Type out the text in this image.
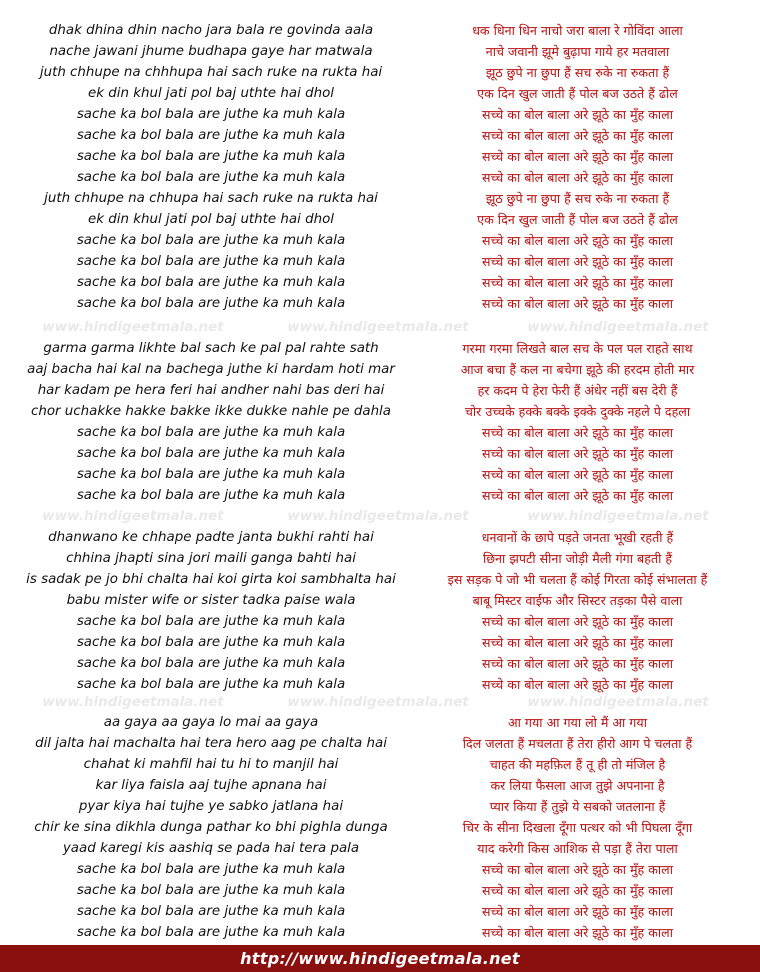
dhak dhina dhin nacho jara bala re govinda aala	धक धिना धिन नाचो जरा बाला रे गोविंदा आला
nache jawani jhume budhapa gaye har matwala	नाचे जवानी झूमे बुढ़ापा गाये हर मतवाला
juth chhupe na chhhupa hai sach ruke na rukta hai	झूठ छुपे ना छुपा हैं सच रुके ना रुकता हैं
ek din khul jati pol baj uthte hai dhol	एक दिन खुल जाती हैं पोल बज उठते हैं ढोल
sache ka bol bala are juthe ka muh kala	सच्चे का बोल बाला अरे झूठे का मुँह काला
sache ka bol bala are juthe ka muh kala	सच्चे का बोल बाला अरे झूठे का मुँह काला
sache ka bol bala are juthe ka muh kala	सच्चे का बोल बाला अरे झूठे का मुँह काला
sache ka bol bala are juthe ka muh kala	सच्चे का बोल बाला अरे झूठे का मुँह काला
juth chhupe na chhupa hai sach ruke na rukta hai	झूठ छुपे ना छुपा हैं सच रुके ना रुकता हैं
ek din khul jati pol baj uthte hai dhol	एक दिन खुल जाती हैं पोल बज उठते हैं ढोल
sache ka bol bala are juthe ka muh kala	सच्चे का बोल बाला अरे झूठे का मुँह काला
sache ka bol bala are juthe ka muh kala	सच्चे का बोल बाला अरे झूठे का मुँह काला
sache ka bol bala are juthe ka muh kala	सच्चे का बोल बाला अरे झूठे का मुँह काला
sache ka bol bala are juthe ka muh kala	सच्चे का बोल बाला अरे झूठे का मुँह काला
garma garma likhte bal sach ke pal pal rahte sath	गरमा गरमा लिखते बाल सच के पल पल राहते साथ
aaj bacha hai kal na bachega juthe ki hardam hoti mar	आज बचा हैं कल ना बचेगा झूठे की हरदम होती मार
har kadam pe hera feri hai andher nahi bas deri hai	हर कदम पे हेरा फेरी हैं अंधेर नहीं बस देरी हैं
chor uchakke hakke bakke ikke dukke nahle pe dahla	चोर उच्चके हक्के बक्के इक्के दुक्के नहले पे दहला
sache ka bol bala are juthe ka muh kala	सच्चे का बोल बाला अरे झूठे का मुँह काला
sache ka bol bala are juthe ka muh kala	सच्चे का बोल बाला अरे झूठे का मुँह काला
sache ka bol bala are juthe ka muh kala	सच्चे का बोल बाला अरे झूठे का मुँह काला
sache ka bol bala are juthe ka muh kala	सच्चे का बोल बाला अरे झूठे का मुँह काला
dhanwano ke chhape padte janta bukhi rahti hai	धनवानों के छापे पड़ते जनता भूखी रहती हैं
chhina jhapti sina jori maili ganga bahti hai	छिना झपटी सीना जोड़ी मैली गंगा बहती हैं
is sadak pe jo bhi chalta hai koi girta koi sambhalta hai	इस सड़क पे जो भी चलता हैं कोई गिरता कोई संभालता हैं
babu mister wife or sister tadka paise wala	बाबू मिस्टर वाईफ और सिस्टर तड़का पैसे वाला
sache ka bol bala are juthe ka muh kala	सच्चे का बोल बाला अरे झूठे का मुँह काला
sache ka bol bala are juthe ka muh kala	सच्चे का बोल बाला अरे झूठे का मुँह काला
sache ka bol bala are juthe ka muh kala	सच्चे का बोल बाला अरे झूठे का मुँह काला
sache ka bol bala are juthe ka muh kala	सच्चे का बोल बाला अरे झूठे का मुँह काला
aa gaya aa gaya lo mai aa gaya	आ गया आ गया लो मैं आ गया
dil jalta hai machalta hai tera hero aag pe chalta hai	दिल जलता हैं मचलता हैं तेरा हीरो आग पे चलता हैं
chahat ki mahfil hai tu hi to manjil hai	चाहत की महफ़िल हैं तू ही तो मंजिल है
kar liya faisla aaj tujhe apnana hai	कर लिया फैसला आज तुझे अपनाना है
pyar kiya hai tujhe ye sabko jatlana hai	प्यार किया हैं तुझे ये सबको जतलाना हैं
chir ke sina dikhla dunga pathar ko bhi pighla dunga	चिर के सीना दिखला दूँगा पत्थर को भी पिघला दूँगा
yaad karegi kis aashiq se pada hai tera pala	याद करेगी किस आशिक से पड़ा हैं तेरा पाला
sache ka bol bala are juthe ka muh kala	सच्चे का बोल बाला अरे झूठे का मुँह काला
sache ka bol bala are juthe ka muh kala	सच्चे का बोल बाला अरे झूठे का मुँह काला
sache ka bol bala are juthe ka muh kala	सच्चे का बोल बाला अरे झूठे का मुँह काला
sache ka bol bala are juthe ka muh kala	सच्चे का बोल बाला अरे झूठे का मुँह काला
www.hindigeetmala.net	www.hindigeetmala.net	www.hindigeetmala.net
www.hindigeetmala.net	www.hindigeetmala.net	www.hindigeetmala.net
www.hindigeetmala.net	www.hindigeetmala.net	www.hindigeetmala.net
http://www.hindigeetmala.net
